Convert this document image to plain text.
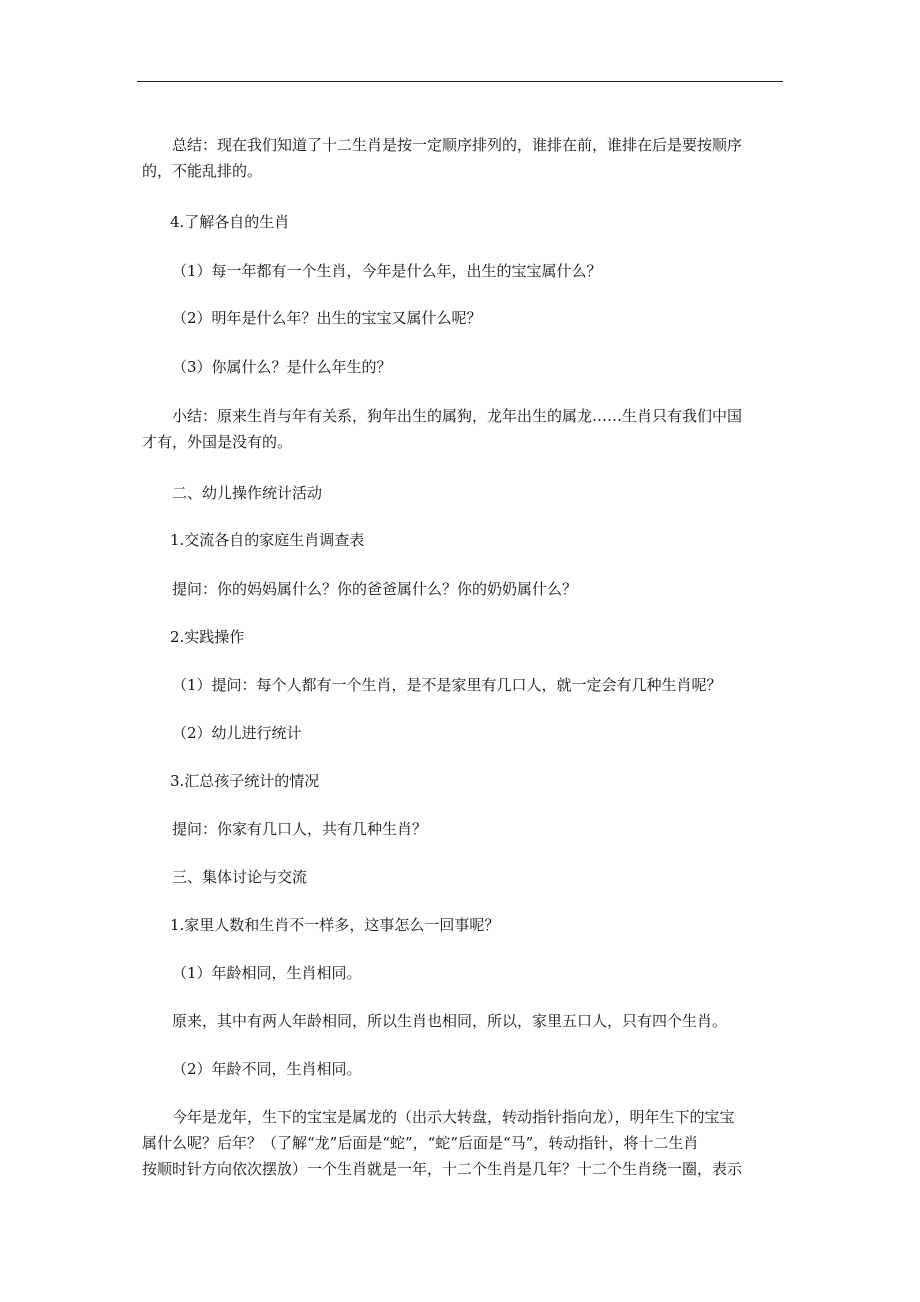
总结：现在我们知道了十二生肖是按一定顺序排列的，谁排在前，谁排在后是要按顺序

的，不能乱排的。

4.了解各自的生肖

（1）每一年都有一个生肖，今年是什么年，出生的宝宝属什么？

（2）明年是什么年？出生的宝宝又属什么呢？

（3）你属什么？是什么年生的？

小结：原来生肖与年有关系，狗年出生的属狗，龙年出生的属龙……生肖只有我们中国

才有，外国是没有的。

二、幼儿操作统计活动

1.交流各自的家庭生肖调查表

提问：你的妈妈属什么？你的爸爸属什么？你的奶奶属什么？

2.实践操作

（1）提问：每个人都有一个生肖，是不是家里有几口人，就一定会有几种生肖呢？

（2）幼儿进行统计

3.汇总孩子统计的情况

提问：你家有几口人，共有几种生肖？

三、集体讨论与交流

1.家里人数和生肖不一样多，这事怎么一回事呢？

（1）年龄相同，生肖相同。

原来，其中有两人年龄相同，所以生肖也相同，所以，家里五口人，只有四个生肖。

（2）年龄不同，生肖相同。

今年是龙年，生下的宝宝是属龙的（出示大转盘，转动指针指向龙），明年生下的宝宝

属什么呢？后年？（了解“龙”后面是“蛇”，“蛇”后面是“马”，转动指针，将十二生肖

按顺时针方向依次摆放）一个生肖就是一年，十二个生肖是几年？十二个生肖绕一圈，表示
